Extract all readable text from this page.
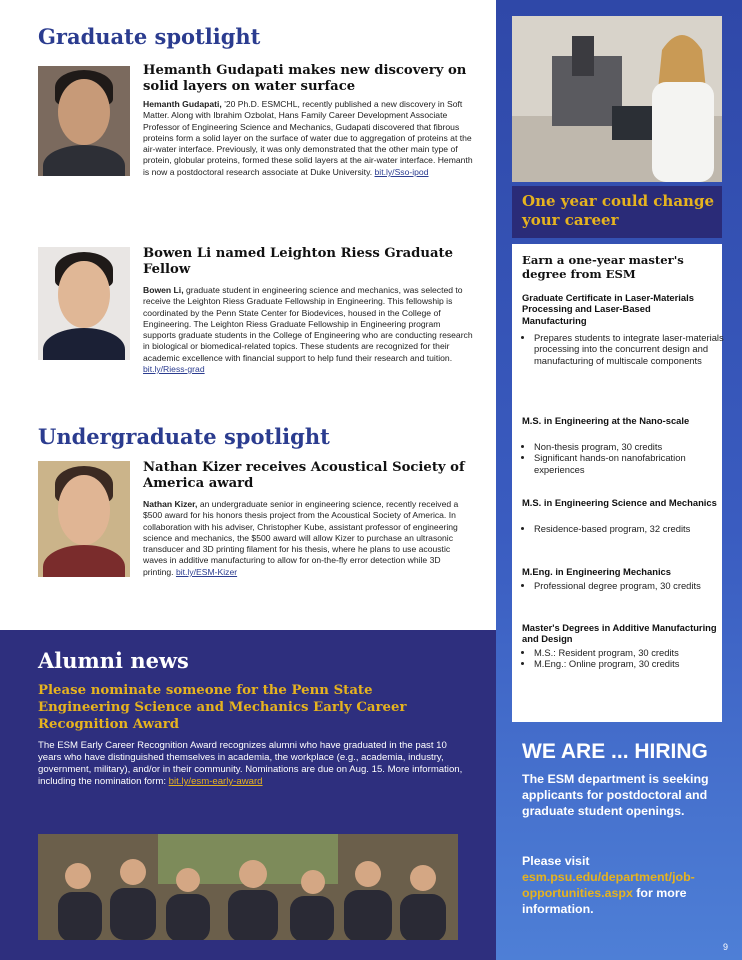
Graduate spotlight
Hemanth Gudapati makes new discovery on solid layers on water surface

Hemanth Gudapati, '20 Ph.D. ESMCHL, recently published a new discovery in Soft Matter. Along with Ibrahim Ozbolat, Hans Family Career Development Associate Professor of Engineering Science and Mechanics, Gudapati discovered that fibrous proteins form a solid layer on the surface of water due to aggregation of proteins at the air-water interface. Previously, it was only demonstrated that the other main type of protein, globular proteins, formed these solid layers at the air-water interface. Hemanth is now a postdoctoral research associate at Duke University. bit.ly/Sso-ipod

Bowen Li named Leighton Riess Graduate Fellow

Bowen Li, graduate student in engineering science and mechanics, was selected to receive the Leighton Riess Graduate Fellowship in Engineering. This fellowship is coordinated by the Penn State Center for Biodevices, housed in the College of Engineering. The Leighton Riess Graduate Fellowship in Engineering program supports graduate students in the College of Engineering who are conducting research in biological or biomedical-related topics. These students are recognized for their academic excellence with financial support to help fund their research and tuition. bit.ly/Riess-grad

Undergraduate spotlight
Nathan Kizer receives Acoustical Society of America award

Nathan Kizer, an undergraduate senior in engineering science, recently received a $500 award for his honors thesis project from the Acoustical Society of America. In collaboration with his adviser, Christopher Kube, assistant professor of engineering science and mechanics, the $500 award will allow Kizer to purchase an ultrasonic transducer and 3D printing filament for his thesis, where he plans to use acoustic waves in additive manufacturing to allow for on-the-fly error detection while 3D printing. bit.ly/ESM-Kizer

Alumni news
Please nominate someone for the Penn State Engineering Science and Mechanics Early Career Recognition Award

The ESM Early Career Recognition Award recognizes alumni who have graduated in the past 10 years who have distinguished themselves in academia, the workplace (e.g., academia, industry, government, military), and/or in their community. Nominations are due on Aug. 15. More information, including the nomination form: bit.ly/esm-early-award

One year could change your career
Earn a one-year master's degree from ESM

Graduate Certificate in Laser-Materials Processing and Laser-Based Manufacturing

• Prepares students to integrate laser-materials processing into the concurrent design and manufacturing of multiscale components

M.S. in Engineering at the Nano-scale

• Non-thesis program, 30 credits
• Significant hands-on nanofabrication experiences

M.S. in Engineering Science and Mechanics

• Residence-based program, 32 credits

M.Eng. in Engineering Mechanics

• Professional degree program, 30 credits

Master's Degrees in Additive Manufacturing and Design

• M.S.: Resident program, 30 credits
• M.Eng.: Online program, 30 credits
WE ARE ... HIRING

The ESM department is seeking applicants for postdoctoral and graduate student openings.

Please visit esm.psu.edu/department/job-opportunities.aspx for more information.

9
